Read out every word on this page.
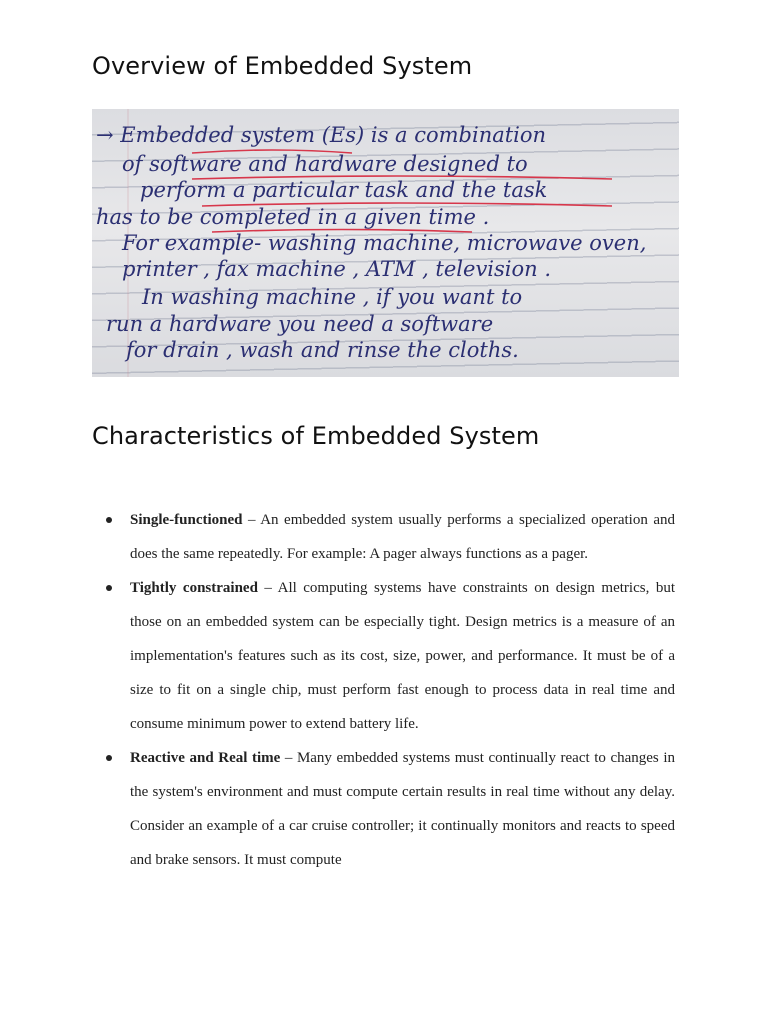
Overview of Embedded System
→ Embedded system (Es) is a combination
of software and hardware designed to
perform a particular task and the task
has to be completed in a given time .
For example- washing machine, microwave oven,
printer , fax machine , ATM , television .
In washing machine , if you want to
run a hardware you need a software
for drain , wash and rinse the cloths.
Characteristics of Embedded System
Single-functioned – An embedded system usually performs a specialized operation and does the same repeatedly. For example: A pager always functions as a pager.
Tightly constrained – All computing systems have constraints on design metrics, but those on an embedded system can be especially tight. Design metrics is a measure of an implementation's features such as its cost, size, power, and performance. It must be of a size to fit on a single chip, must perform fast enough to process data in real time and consume minimum power to extend battery life.
Reactive and Real time – Many embedded systems must continually react to changes in the system's environment and must compute certain results in real time without any delay. Consider an example of a car cruise controller; it continually monitors and reacts to speed and brake sensors. It must compute
